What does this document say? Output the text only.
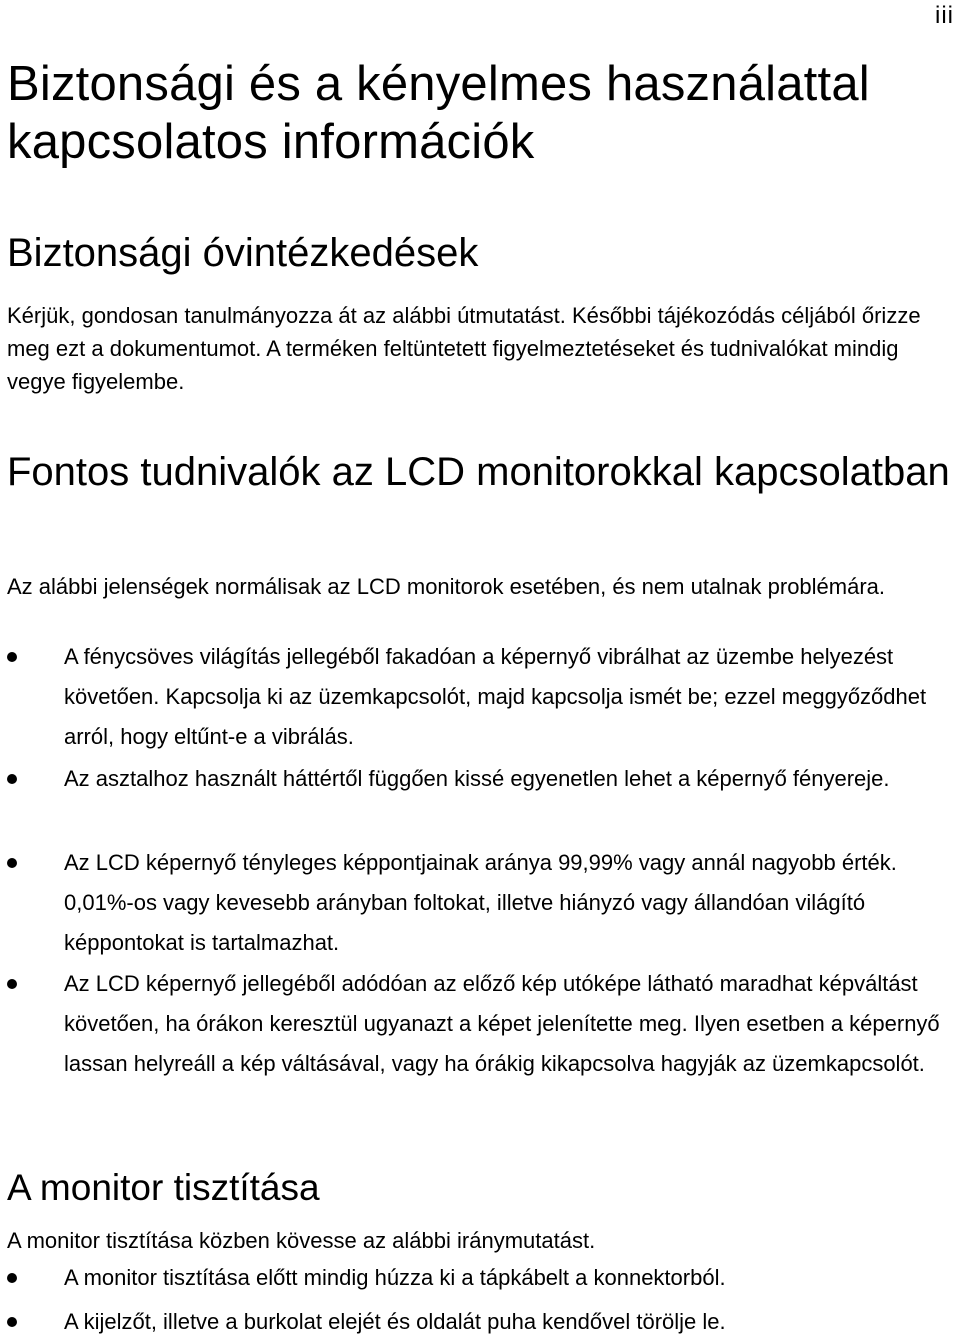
iii
Biztonsági és a kényelmes használattal kapcsolatos információk
Biztonsági óvintézkedések

Kérjük, gondosan tanulmányozza át az alábbi útmutatást. Későbbi tájékozódás céljából őrizze meg ezt a dokumentumot. A terméken feltüntetett figyelmeztetéseket és tudnivalókat mindig vegye figyelembe.

Fontos tudnivalók az LCD monitorokkal kapcsolatban

Az alábbi jelenségek normálisak az LCD monitorok esetében, és nem utalnak problémára.

A fénycsöves világítás jellegéből fakadóan a képernyő vibrálhat az üzembe helyezést követően. Kapcsolja ki az üzemkapcsolót, majd kapcsolja ismét be; ezzel meggyőződhet arról, hogy eltűnt-e a vibrálás.
Az asztalhoz használt háttértől függően kissé egyenetlen lehet a képernyő fényereje.
Az LCD képernyő tényleges képpontjainak aránya 99,99% vagy annál nagyobb érték. 0,01%-os vagy kevesebb arányban foltokat, illetve hiányzó vagy állandóan világító képpontokat is tartalmazhat.
Az LCD képernyő jellegéből adódóan az előző kép utóképe látható maradhat képváltást követően, ha órákon keresztül ugyanazt a képet jelenítette meg. Ilyen esetben a képernyő lassan helyreáll a kép váltásával, vagy ha órákig kikapcsolva hagyják az üzemkapcsolót.
A monitor tisztítása

A monitor tisztítása közben kövesse az alábbi iránymutatást.

A monitor tisztítása előtt mindig húzza ki a tápkábelt a konnektorból.
A kijelzőt, illetve a burkolat elejét és oldalát puha kendővel törölje le.
